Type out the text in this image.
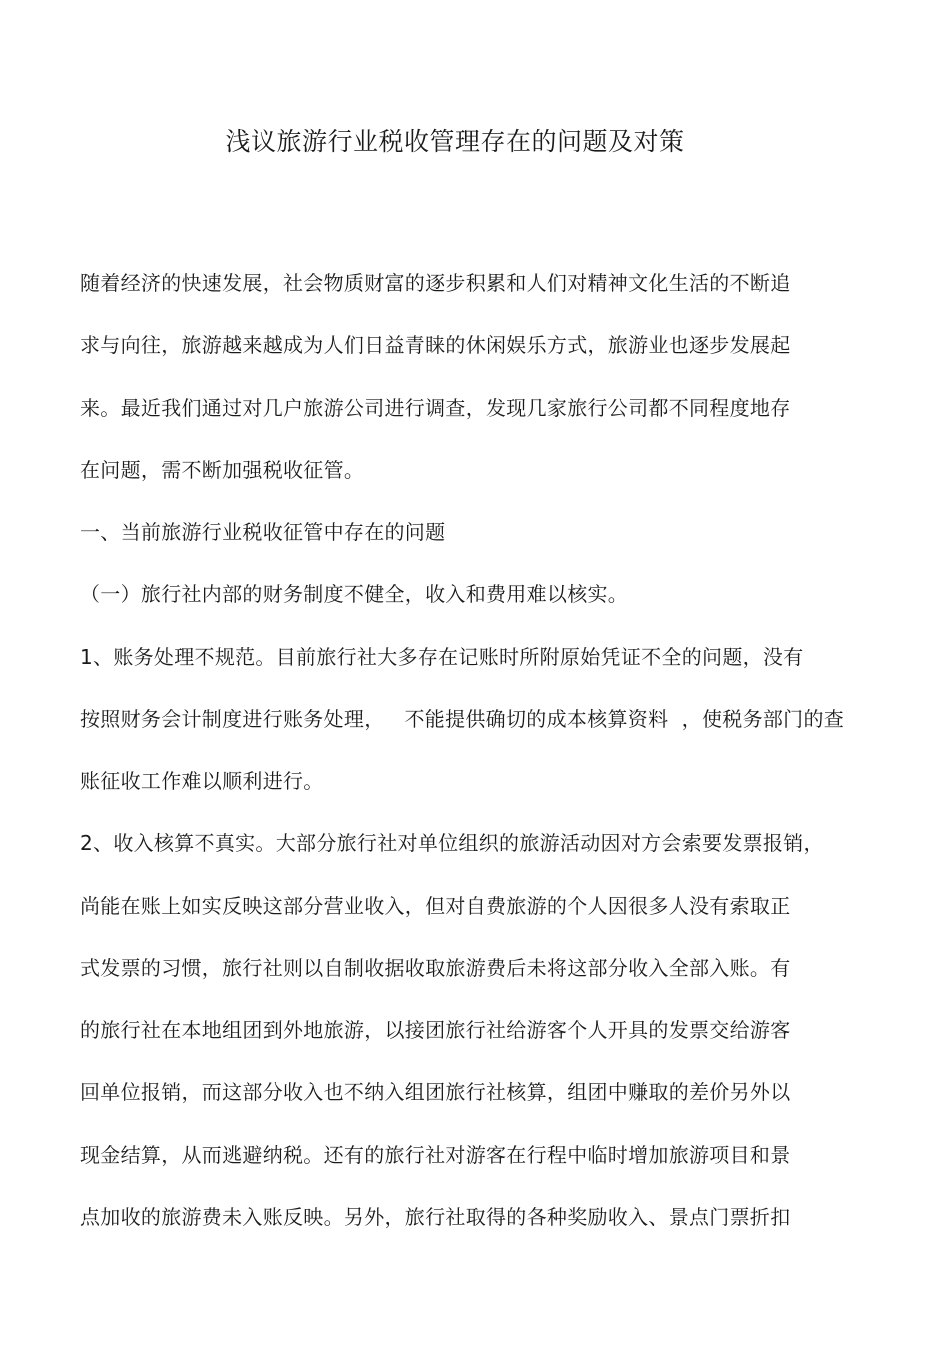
浅议旅游行业税收管理存在的问题及对策
随着经济的快速发展，社会物质财富的逐步积累和人们对精神文化生活的不断追
求与向往，旅游越来越成为人们日益青睐的休闲娱乐方式，旅游业也逐步发展起
来。最近我们通过对几户旅游公司进行调查，发现几家旅行公司都不同程度地存
在问题，需不断加强税收征管。
一、当前旅游行业税收征管中存在的问题
（一）旅行社内部的财务制度不健全，收入和费用难以核实。
1、账务处理不规范。目前旅行社大多存在记账时所附原始凭证不全的问题，没有
按照财务会计制度进行账务处理，   不能提供确切的成本核算资料  ，使税务部门的查
账征收工作难以顺利进行。
2、收入核算不真实。大部分旅行社对单位组织的旅游活动因对方会索要发票报销，
尚能在账上如实反映这部分营业收入，但对自费旅游的个人因很多人没有索取正
式发票的习惯，旅行社则以自制收据收取旅游费后未将这部分收入全部入账。有
的旅行社在本地组团到外地旅游，以接团旅行社给游客个人开具的发票交给游客
回单位报销，而这部分收入也不纳入组团旅行社核算，组团中赚取的差价另外以
现金结算，从而逃避纳税。还有的旅行社对游客在行程中临时增加旅游项目和景
点加收的旅游费未入账反映。另外，旅行社取得的各种奖励收入、景点门票折扣
